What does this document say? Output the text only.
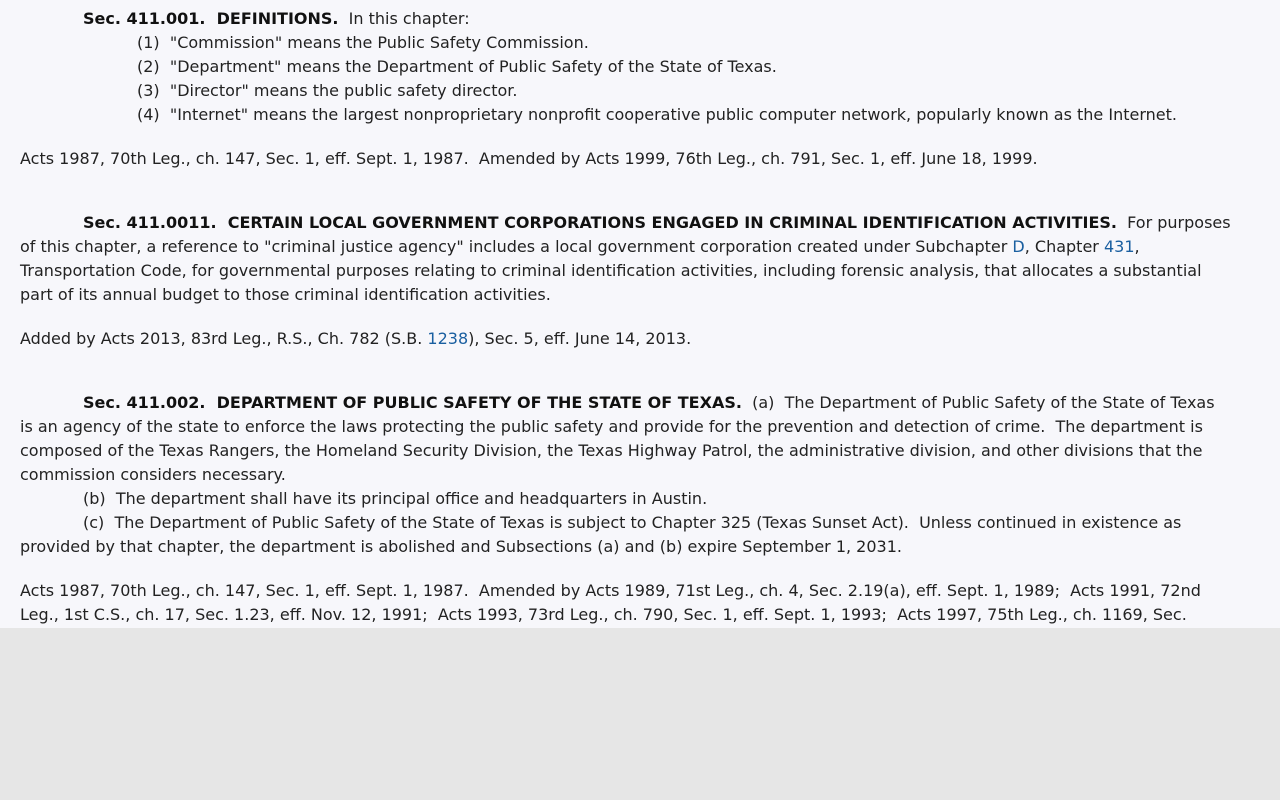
Sec. 411.001.  DEFINITIONS. In this chapter:
(1)  "Commission" means the Public Safety Commission.
(2)  "Department" means the Department of Public Safety of the State of Texas.
(3)  "Director" means the public safety director.
(4)  "Internet" means the largest nonproprietary nonprofit cooperative public computer network, popularly known as the Internet.
Acts 1987, 70th Leg., ch. 147, Sec. 1, eff. Sept. 1, 1987.  Amended by Acts 1999, 76th Leg., ch. 791, Sec. 1, eff. June 18, 1999.
Sec. 411.0011.  CERTAIN LOCAL GOVERNMENT CORPORATIONS ENGAGED IN CRIMINAL IDENTIFICATION ACTIVITIES. For purposes
of this chapter, a reference to "criminal justice agency" includes a local government corporation created under Subchapter D, Chapter 431,
Transportation Code, for governmental purposes relating to criminal identification activities, including forensic analysis, that allocates a substantial
part of its annual budget to those criminal identification activities.
Added by Acts 2013, 83rd Leg., R.S., Ch. 782 (S.B. 1238), Sec. 5, eff. June 14, 2013.
Sec. 411.002.  DEPARTMENT OF PUBLIC SAFETY OF THE STATE OF TEXAS. (a)  The Department of Public Safety of the State of Texas
is an agency of the state to enforce the laws protecting the public safety and provide for the prevention and detection of crime.  The department is
composed of the Texas Rangers, the Homeland Security Division, the Texas Highway Patrol, the administrative division, and other divisions that the
commission considers necessary.
(b)  The department shall have its principal office and headquarters in Austin.
(c)  The Department of Public Safety of the State of Texas is subject to Chapter 325 (Texas Sunset Act).  Unless continued in existence as
provided by that chapter, the department is abolished and Subsections (a) and (b) expire September 1, 2031.
Acts 1987, 70th Leg., ch. 147, Sec. 1, eff. Sept. 1, 1987.  Amended by Acts 1989, 71st Leg., ch. 4, Sec. 2.19(a), eff. Sept. 1, 1989;  Acts 1991, 72nd
Leg., 1st C.S., ch. 17, Sec. 1.23, eff. Nov. 12, 1991;  Acts 1993, 73rd Leg., ch. 790, Sec. 1, eff. Sept. 1, 1993;  Acts 1997, 75th Leg., ch. 1169, Sec.
